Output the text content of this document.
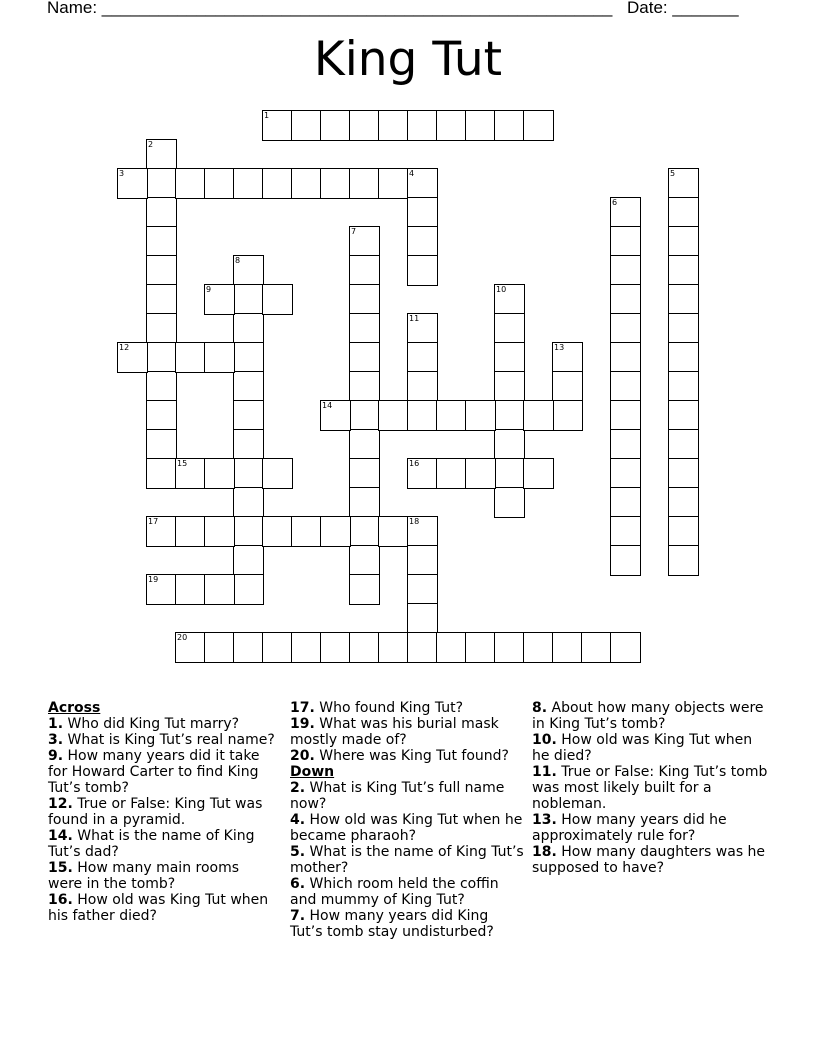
Name: ______________________________________________________ Date: _______
King Tut
1
2
3	4	5
6
7
8
9	10
11
12	13
14
15	16
17	18
19
20
Across

1. Who did King Tut marry?

3. What is King Tut’s real name?

9. How many years did it take for Howard Carter to find King Tut’s tomb?

12. True or False: King Tut was found in a pyramid.

14. What is the name of King Tut’s dad?

15. How many main rooms were in the tomb?

16. How old was King Tut when his father died?

17. Who found King Tut?

19. What was his burial mask mostly made of?

20. Where was King Tut found?

Down

2. What is King Tut’s full name now?

4. How old was King Tut when he became pharaoh?

5. What is the name of King Tut’s mother?

6. Which room held the coffin and mummy of King Tut?

7. How many years did King Tut’s tomb stay undisturbed?

8. About how many objects were in King Tut’s tomb?

10. How old was King Tut when he died?

11. True or False: King Tut’s tomb was most likely built for a nobleman.

13. How many years did he approximately rule for?

18. How many daughters was he supposed to have?
